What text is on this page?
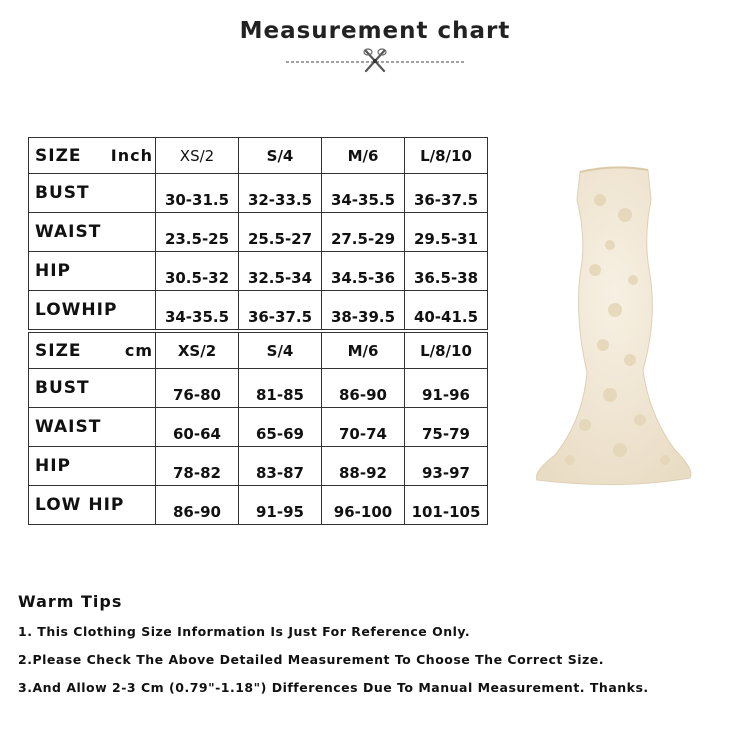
Measurement chart
SIZE Inch	XS/2	S/4	M/6	L/8/10
BUST	30-31.5	32-33.5	34-35.5	36-37.5
WAIST	23.5-25	25.5-27	27.5-29	29.5-31
HIP	30.5-32	32.5-34	34.5-36	36.5-38
LOWHIP	34-35.5	36-37.5	38-39.5	40-41.5
SIZE cm	XS/2	S/4	M/6	L/8/10
BUST	76-80	81-85	86-90	91-96
WAIST	60-64	65-69	70-74	75-79
HIP	78-82	83-87	88-92	93-97
LOW HIP	86-90	91-95	96-100	101-105
Warm Tips
1. This Clothing Size Information Is Just For Reference Only.
2.Please Check The Above Detailed Measurement To Choose The Correct Size.
3.And Allow 2-3 Cm (0.79"-1.18") Differences Due To Manual Measurement. Thanks.
